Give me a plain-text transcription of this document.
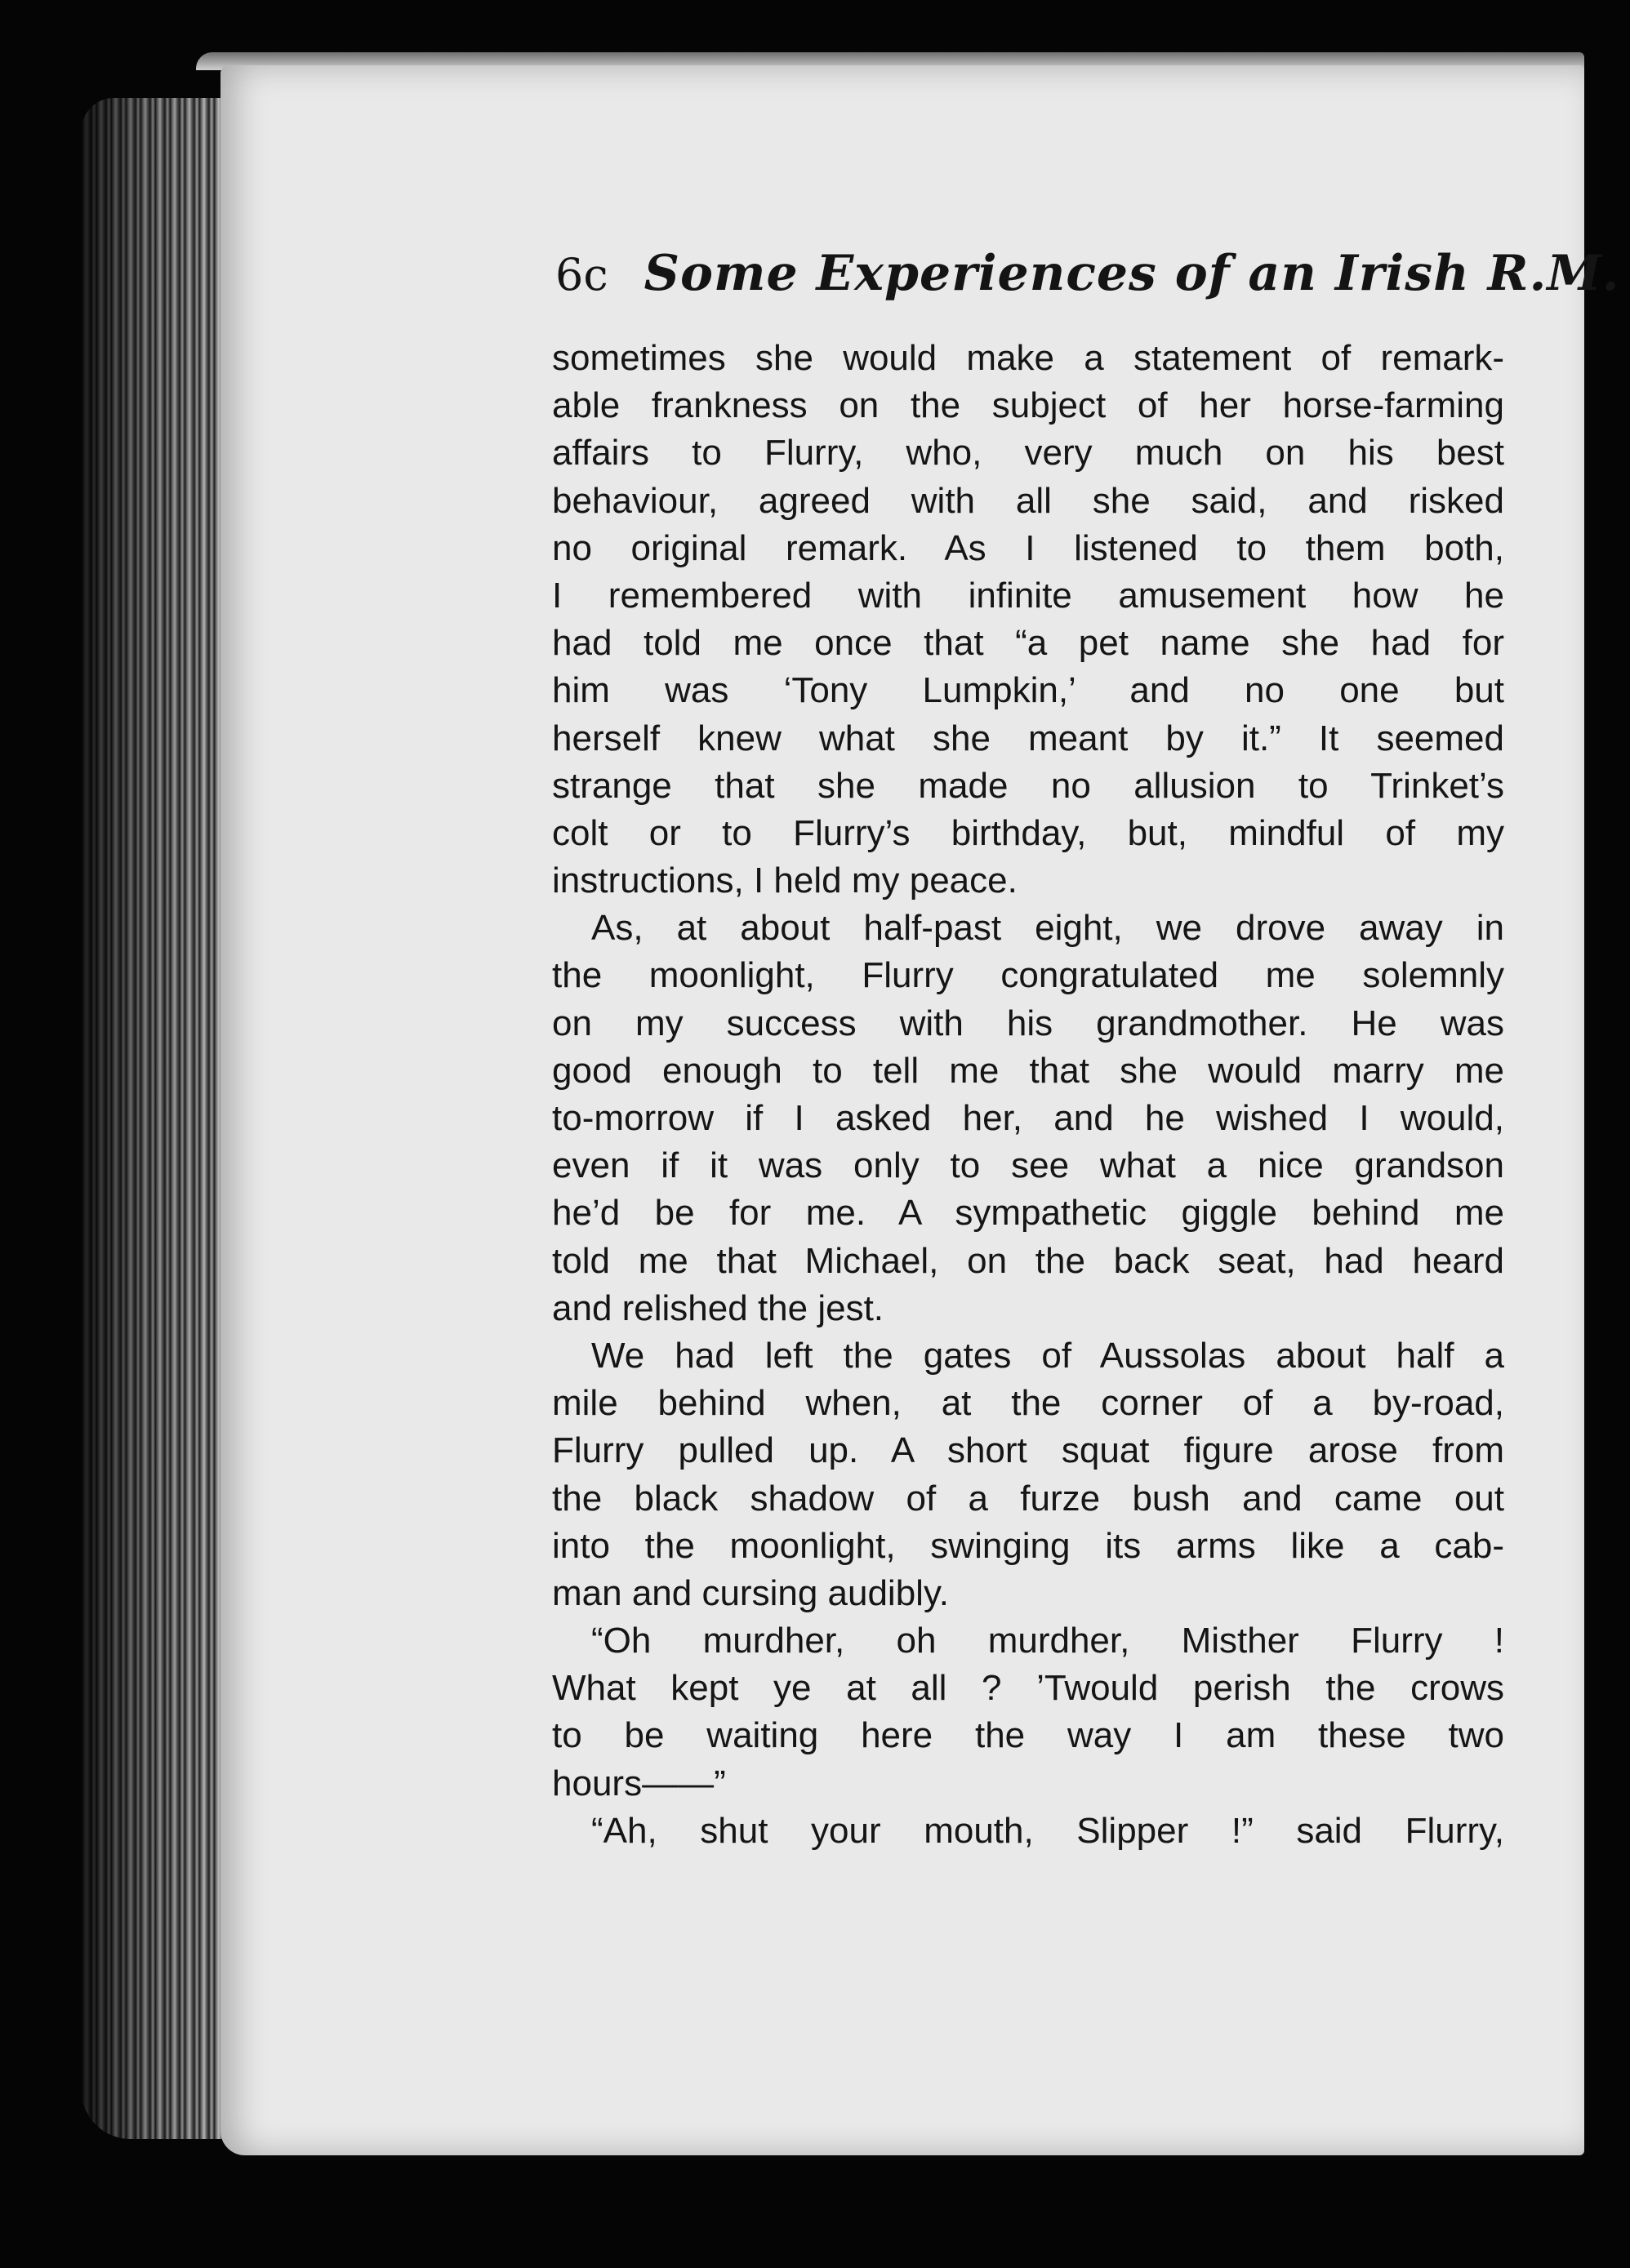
6c Some Experiences of an Irish R.M.
sometimes she would make a statement of remark-
able frankness on the subject of her horse-farming
affairs to Flurry, who, very much on his best
behaviour, agreed with all she said, and risked
no original remark. As I listened to them both,
I remembered with infinite amusement how he
had told me once that “a pet name she had for
him was ‘Tony Lumpkin,’ and no one but
herself knew what she meant by it.” It seemed
strange that she made no allusion to Trinket’s
colt or to Flurry’s birthday, but, mindful of my
instructions, I held my peace.
As, at about half-past eight, we drove away in
the moonlight, Flurry congratulated me solemnly
on my success with his grandmother. He was
good enough to tell me that she would marry me
to-morrow if I asked her, and he wished I would,
even if it was only to see what a nice grandson
he’d be for me. A sympathetic giggle behind me
told me that Michael, on the back seat, had heard
and relished the jest.
We had left the gates of Aussolas about half a
mile behind when, at the corner of a by-road,
Flurry pulled up. A short squat figure arose from
the black shadow of a furze bush and came out
into the moonlight, swinging its arms like a cab-
man and cursing audibly.
“Oh murdher, oh murdher, Misther Flurry !
What kept ye at all ? ’Twould perish the crows
to be waiting here the way I am these two
hours——”
“Ah, shut your mouth, Slipper !” said Flurry,
